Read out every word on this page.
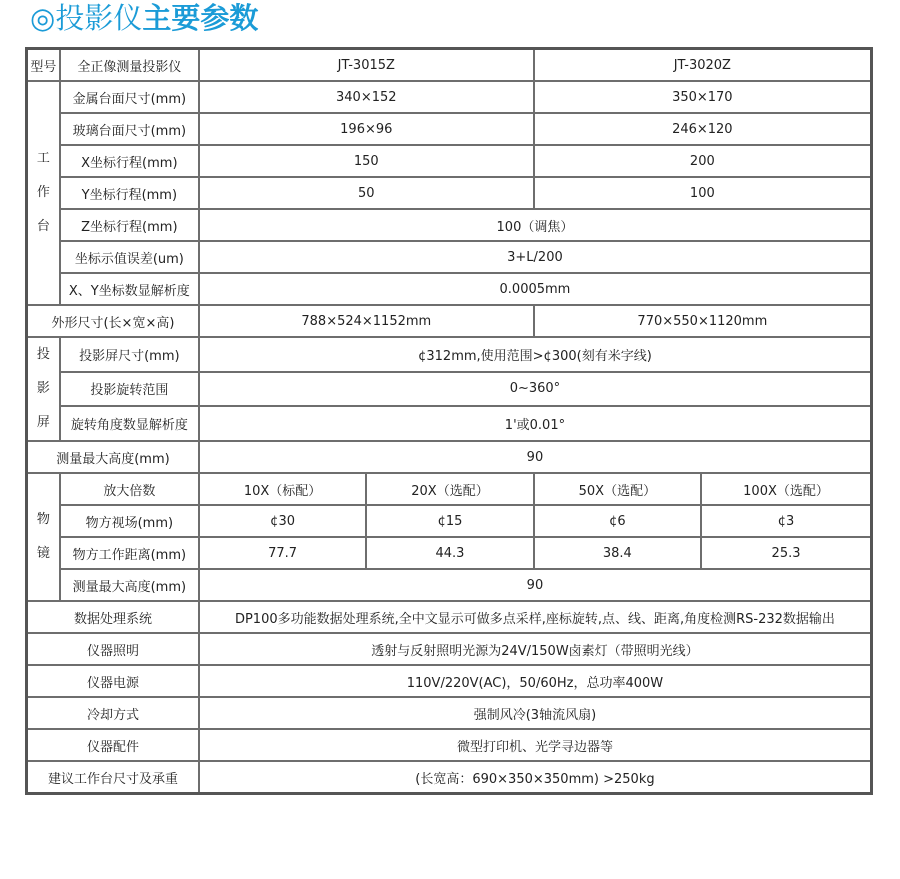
◎投影仪主要参数
型号	全正像测量投影仪	JT-3015Z		JT-3020Z	

工
作
台	金属台面尺寸(mm)	340×152		350×170	
	玻璃台面尺寸(mm)	196×96		246×120	
	X坐标行程(mm)	150		200	
	Y坐标行程(mm)	50		100	
	Z坐标行程(mm)	100（调焦）			
	坐标示值误差(um)	3+L/200			
	X、Y坐标数显解析度	0.0005mm			
外形尺寸(长×宽×高)		788×524×1152mm		770×550×1120mm	

投
影
屏	投影屏尺寸(mm)	¢312mm,使用范围>¢300(刻有米字线)			
	投影旋转范围	0~360°			
	旋转角度数显解析度	1'或0.01°			
测量最大高度(mm)		90			

物
镜	放大倍数	10X（标配）	20X（选配）	50X（选配）	100X（选配）
	物方视场(mm)	¢30	¢15	¢6	¢3
	物方工作距离(mm)	77.7	44.3	38.4	25.3
	测量最大高度(mm)	90			
数据处理系统		DP100多功能数据处理系统,全中文显示可做多点采样,座标旋转,点、线、距离,角度检测RS-232数据输出			
仪器照明		透射与反射照明光源为24V/150W卤素灯（带照明光线）			
仪器电源		110V/220V(AC)，50/60Hz，总功率400W			
冷却方式		强制风冷(3轴流风扇)			
仪器配件		微型打印机、光学寻边器等			
建议工作台尺寸及承重		(长宽高：690×350×350mm) >250kg			
